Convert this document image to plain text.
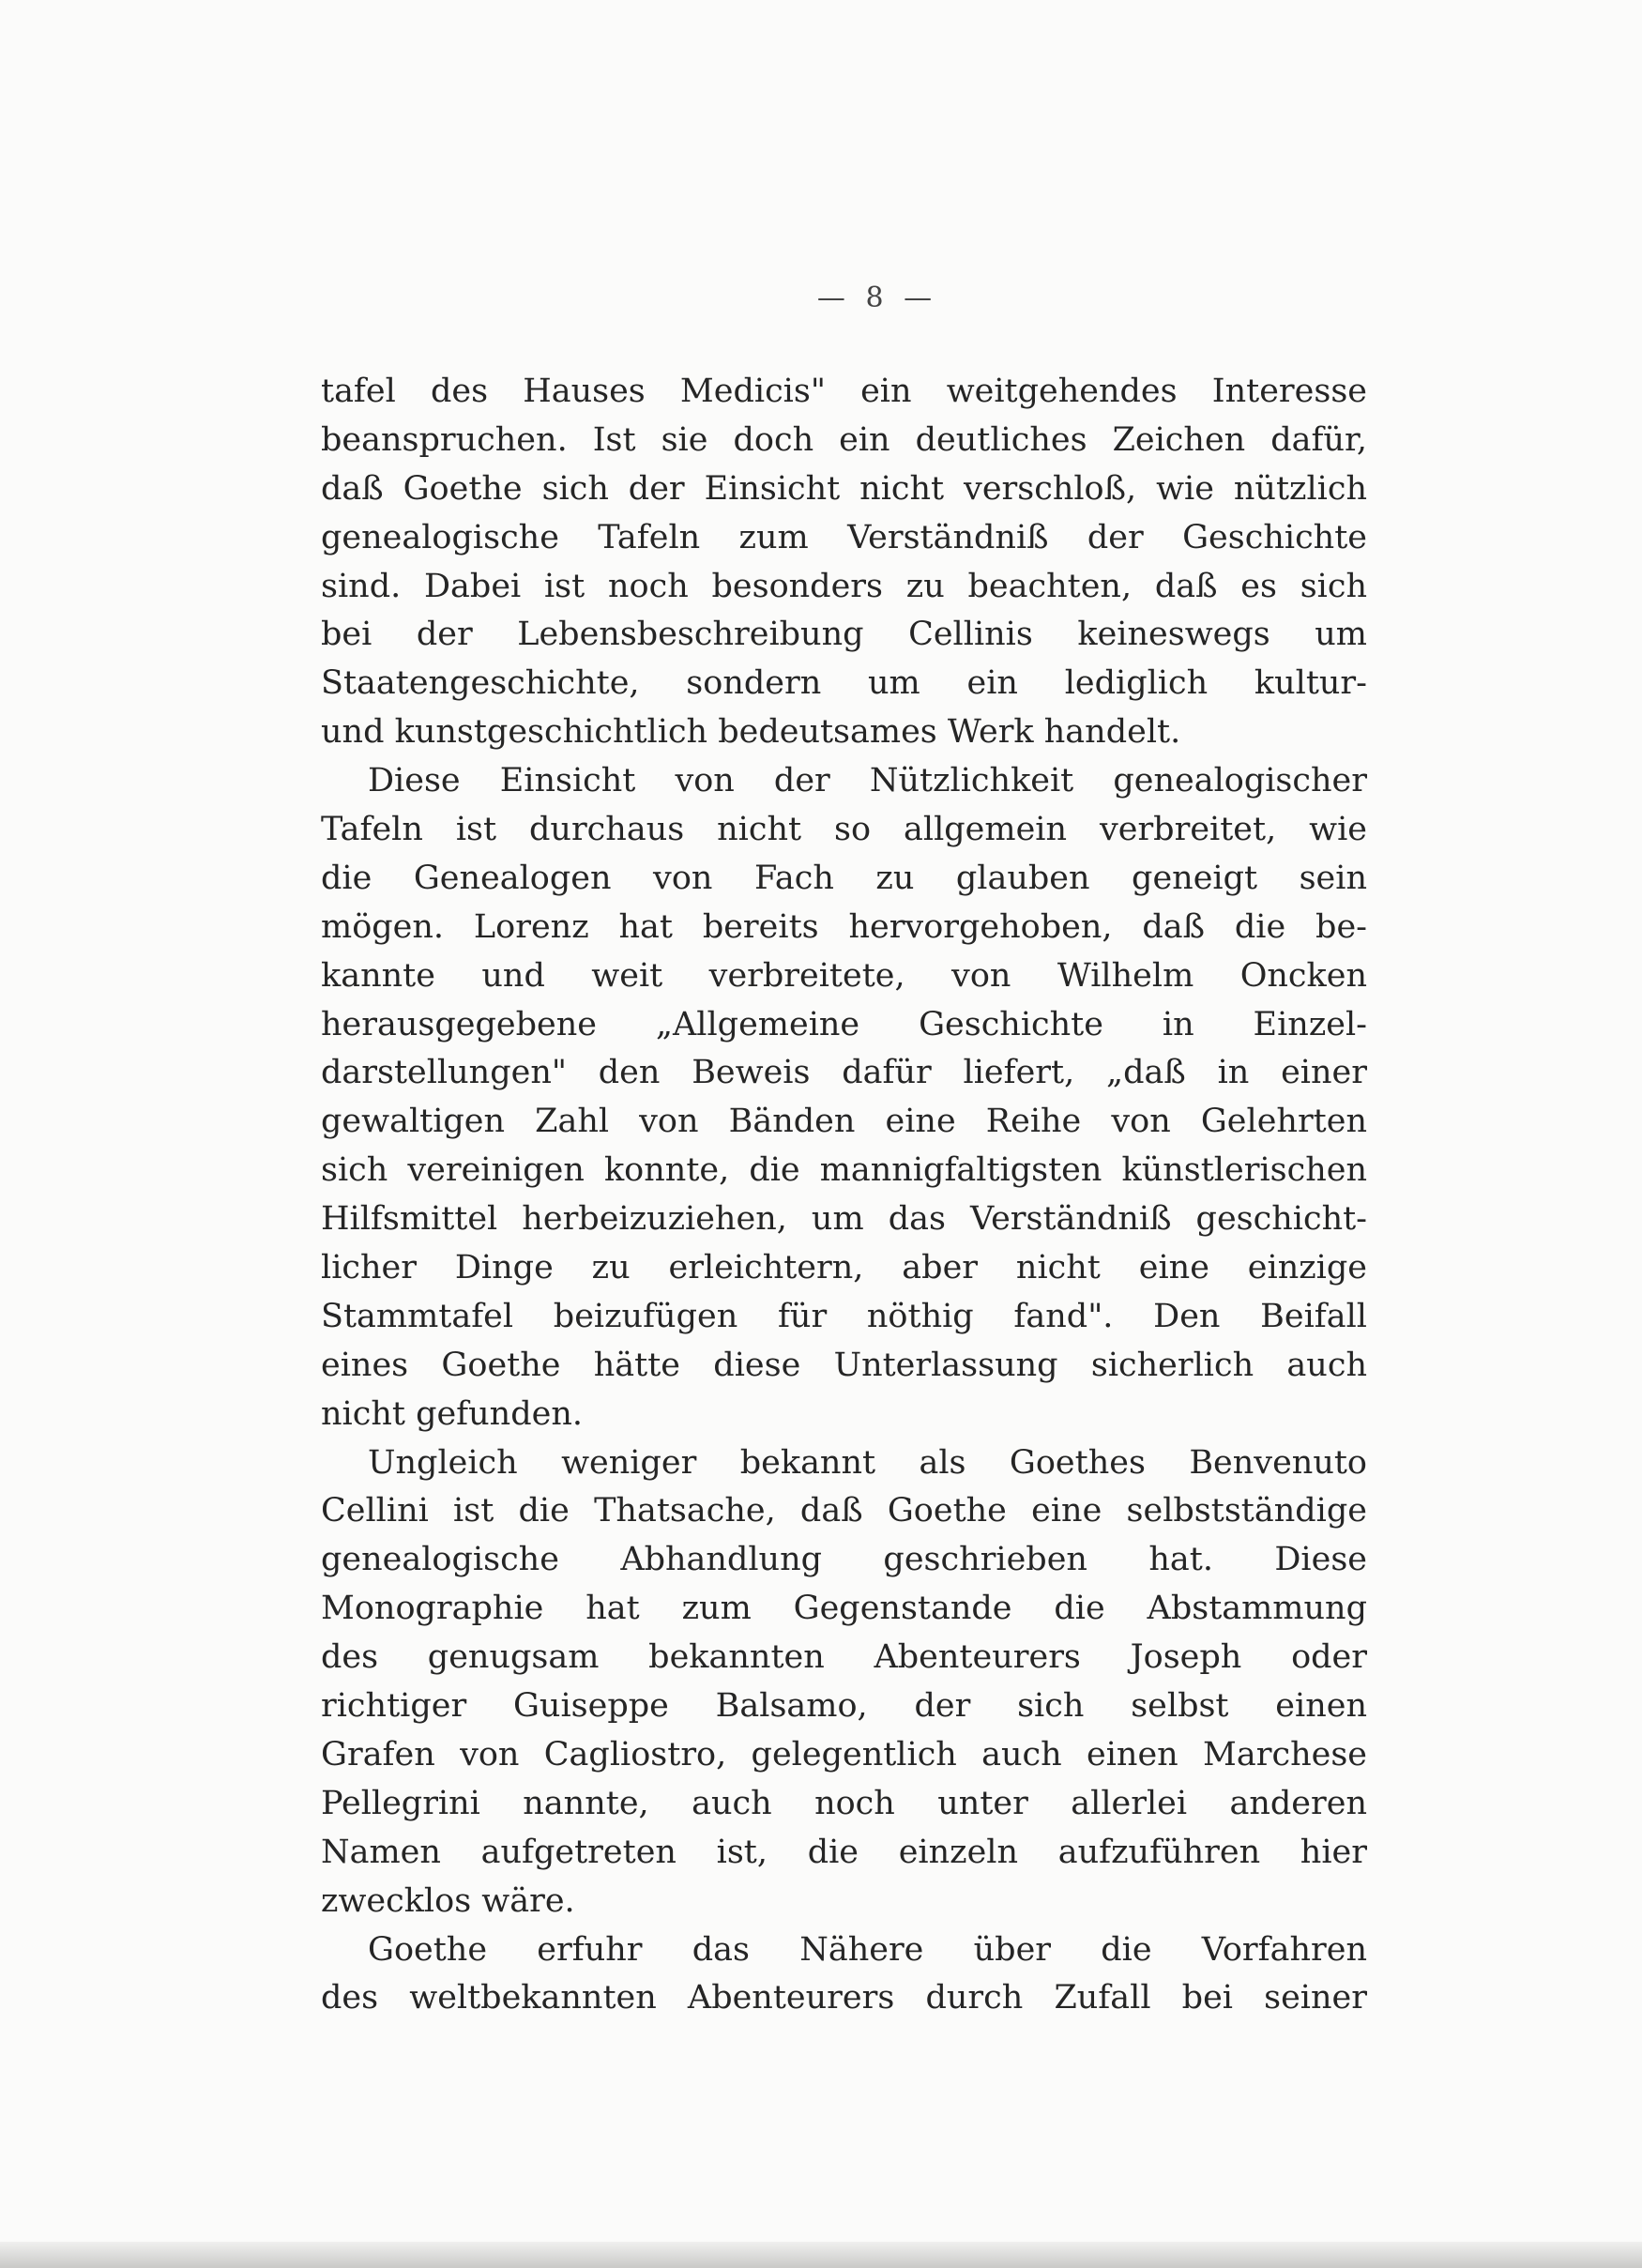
— 8 —
tafel des Hauses Medicis" ein weitgehendes Interesse
beanspruchen. Ist sie doch ein deutliches Zeichen dafür,
daß Goethe sich der Einsicht nicht verschloß, wie nützlich
genealogische Tafeln zum Verständniß der Geschichte
sind. Dabei ist noch besonders zu beachten, daß es sich
bei der Lebensbeschreibung Cellinis keineswegs um
Staatengeschichte, sondern um ein lediglich kultur-
und kunstgeschichtlich bedeutsames Werk handelt.
Diese Einsicht von der Nützlichkeit genealogischer
Tafeln ist durchaus nicht so allgemein verbreitet, wie
die Genealogen von Fach zu glauben geneigt sein
mögen. Lorenz hat bereits hervorgehoben, daß die be-
kannte und weit verbreitete, von Wilhelm Oncken
herausgegebene „Allgemeine Geschichte in Einzel-
darstellungen" den Beweis dafür liefert, „daß in einer
gewaltigen Zahl von Bänden eine Reihe von Gelehrten
sich vereinigen konnte, die mannigfaltigsten künstlerischen
Hilfsmittel herbeizuziehen, um das Verständniß geschicht-
licher Dinge zu erleichtern, aber nicht eine einzige
Stammtafel beizufügen für nöthig fand". Den Beifall
eines Goethe hätte diese Unterlassung sicherlich auch
nicht gefunden.
Ungleich weniger bekannt als Goethes Benvenuto
Cellini ist die Thatsache, daß Goethe eine selbstständige
genealogische Abhandlung geschrieben hat. Diese
Monographie hat zum Gegenstande die Abstammung
des genugsam bekannten Abenteurers Joseph oder
richtiger Guiseppe Balsamo, der sich selbst einen
Grafen von Cagliostro, gelegentlich auch einen Marchese
Pellegrini nannte, auch noch unter allerlei anderen
Namen aufgetreten ist, die einzeln aufzuführen hier
zwecklos wäre.
Goethe erfuhr das Nähere über die Vorfahren
des weltbekannten Abenteurers durch Zufall bei seiner
